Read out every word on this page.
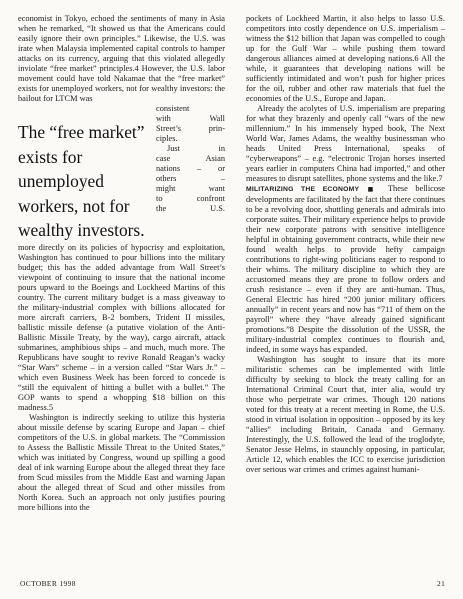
economist in Tokyo, echoed the sentiments of many in Asia when he remarked, “It showed us that the Americans could easily ignore their own principles.” Likewise, the U.S. was irate when Malaysia implemented capital controls to hamper attacks on its currency, arguing that this violated allegedly inviolate “free market” principles.4 However, the U.S. labor movement could have told Nakamae that the “free market” exists for unemployed workers, not for wealthy investors: the bailout for LTCM was

The “free market” exists for unemployed workers, not for wealthy investors.
consistent
with Wall
Street’s prin-
ciples.
Just in
case Asian
nations – or
others –
might want
to confront
the U.S.

more directly on its policies of hypocrisy and exploitation, Washington has continued to pour billions into the military budget; this has the added advantage from Wall Street’s viewpoint of continuing to insure that the national income pours upward to the Boeings and Lockheed Martins of this country. The current military budget is a mass giveaway to the military-industrial complex with billions allocated for more aircraft carriers, B-2 bombers, Trident II missiles, ballistic missile defense (a putative violation of the Anti-Ballistic Missile Treaty, by the way), cargo aircraft, attack submarines, amphibious ships – and much, much more. The Republicans have sought to revive Ronald Reagan’s wacky “Star Wars” scheme – in a version called “Star Wars Jr.” – which even Business Week has been forced to concede is “still the equivalent of hitting a bullet with a bullet.” The GOP wants to spend a whopping $18 billion on this madness.5

Washington is indirectly seeking to utilize this hysteria about missile defense by scaring Europe and Japan – chief competitors of the U.S. in global markets. The “Commission to Assess the Ballistic Missile Threat to the United States,” which was initiated by Congress, wound up spilling a good deal of ink warning Europe about the alleged threat they face from Scud missiles from the Middle East and warning Japan about the alleged threat of Scud and other missiles from North Korea. Such an approach not only justifies pouring more billions into the

pockets of Lockheed Martin, it also helps to lasso U.S. competitors into costly dependence on U.S. imperialism – witness the $12 billion that Japan was compelled to cough up for the Gulf War – while pushing them toward dangerous alliances aimed at developing nations.6 All the while, it guarantees that developing nations will be sufficiently intimidated and won’t push for higher prices for the oil, rubber and other raw materials that fuel the economies of the U.S., Europe and Japan.

Already the acolytes of U.S. imperialism are preparing for what they brazenly and openly call “wars of the new millennium.” In his immensely hyped book, The Next World War, James Adams, the wealthy businessman who heads United Press International, speaks of “cyberweapons” – e.g. “electronic Trojan horses inserted years earlier in computers China had imported,” and other measures to disrupt satellites, phone systems and the like.7

MILITARIZING THE ECONOMY ■ These bellicose developments are facilitated by the fact that there continues to be a revolving door, shuttling generals and admirals into corporate suites. Their military experience helps to provide their new corporate patrons with sensitive intelligence helpful in obtaining government contracts, while their new found wealth helps to provide hefty campaign contributions to right-wing politicians eager to respond to their whims. The military discipline to which they are accustomed means they are prone to follow orders and crush resistance – even if they are anti-human. Thus, General Electric has hired “200 junior military officers annually” in recent years and now has “711 of them on the payroll” where they “have already gained significant promotions.”8 Despite the dissolution of the USSR, the military-industrial complex continues to flourish and, indeed, in some ways has expanded.

Washington has sought to insure that its more militaristic schemes can be implemented with little difficulty by seeking to block the treaty calling for an International Criminal Court that, inter alia, would try those who perpetrate war crimes. Though 120 nations voted for this treaty at a recent meeting in Rome, the U.S. stood in virtual isolation in opposition – opposed by its key “allies” including Britain, Canada and Germany. Interestingly, the U.S. followed the lead of the troglodyte, Senator Jesse Helms, in staunchly opposing, in particular, Article 12, which enables the ICC to exercise jurisdiction over serious war crimes and crimes against humani-

OCTOBER 1998	21
